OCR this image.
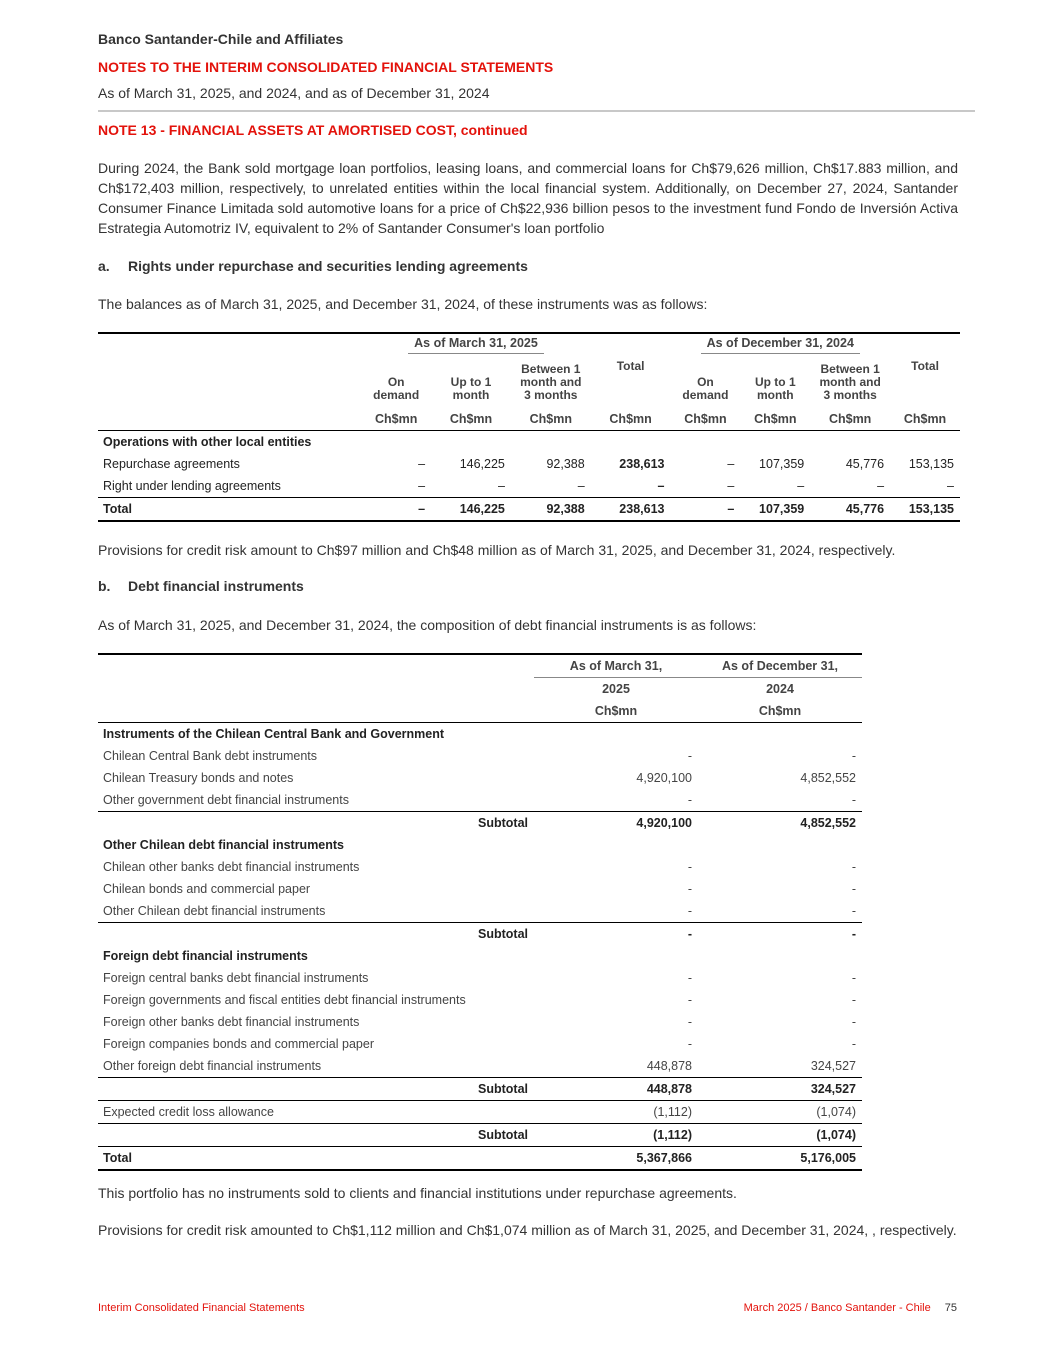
Banco Santander-Chile and Affiliates
NOTES TO THE INTERIM CONSOLIDATED FINANCIAL STATEMENTS
As of March 31, 2025, and 2024, and as of December 31, 2024
NOTE 13 - FINANCIAL ASSETS AT AMORTISED COST, continued
During 2024, the Bank sold mortgage loan portfolios, leasing loans, and commercial loans for Ch$79,626 million, Ch$17.883 million, and Ch$172,403 million, respectively, to unrelated entities within the local financial system. Additionally, on December 27, 2024, Santander Consumer Finance Limitada sold automotive loans for a price of Ch$22,936 billion pesos to the investment fund Fondo de Inversión Activa Estrategia Automotriz IV, equivalent to 2% of Santander Consumer's loan portfolio
a. Rights under repurchase and securities lending agreements
The balances as of March 31, 2025, and December 31, 2024, of these instruments was as follows:
	As of March 31, 2025				As of December 31, 2024			
	On demand	Up to 1 month	Between 1 month and 3 months	Total	On demand	Up to 1 month	Between 1 month and 3 months	Total
	Ch$mn	Ch$mn	Ch$mn	Ch$mn	Ch$mn	Ch$mn	Ch$mn	Ch$mn
Operations with other local entities								
Repurchase agreements	–	146,225	92,388	238,613	–	107,359	45,776	153,135
Right under lending agreements	–	–	–	–	–	–	–	–
Total	–	146,225	92,388	238,613	–	107,359	45,776	153,135
Provisions for credit risk amount to Ch$97 million and Ch$48 million as of March 31, 2025, and December 31, 2024, respectively.
b. Debt financial instruments
As of March 31, 2025, and December 31, 2024, the composition of debt financial instruments is as follows:
	As of March 31,	As of December 31,
	2025	2024
	Ch$mn	Ch$mn
Instruments of the Chilean Central Bank and Government		
Chilean Central Bank debt instruments	-	-
Chilean Treasury bonds and notes	4,920,100	4,852,552
Other government debt financial instruments	-	-
Subtotal	4,920,100	4,852,552
Other Chilean debt financial instruments		
Chilean other banks debt financial instruments	-	-
Chilean bonds and commercial paper	-	-
Other Chilean debt financial instruments	-	-
Subtotal	-	-
Foreign debt financial instruments		
Foreign central banks debt financial instruments	-	-
Foreign governments and fiscal entities debt financial instruments	-	-
Foreign other banks debt financial instruments	-	-
Foreign companies bonds and commercial paper	-	-
Other foreign debt financial instruments	448,878	324,527
Subtotal	448,878	324,527
Expected credit loss allowance	(1,112)	(1,074)
Subtotal	(1,112)	(1,074)
Total	5,367,866	5,176,005
This portfolio has no instruments sold to clients and financial institutions under repurchase agreements.
Provisions for credit risk amounted to Ch$1,112 million and Ch$1,074 million as of March 31, 2025, and December 31, 2024, , respectively.
Interim Consolidated Financial Statements	March 2025 / Banco Santander - Chile 75
